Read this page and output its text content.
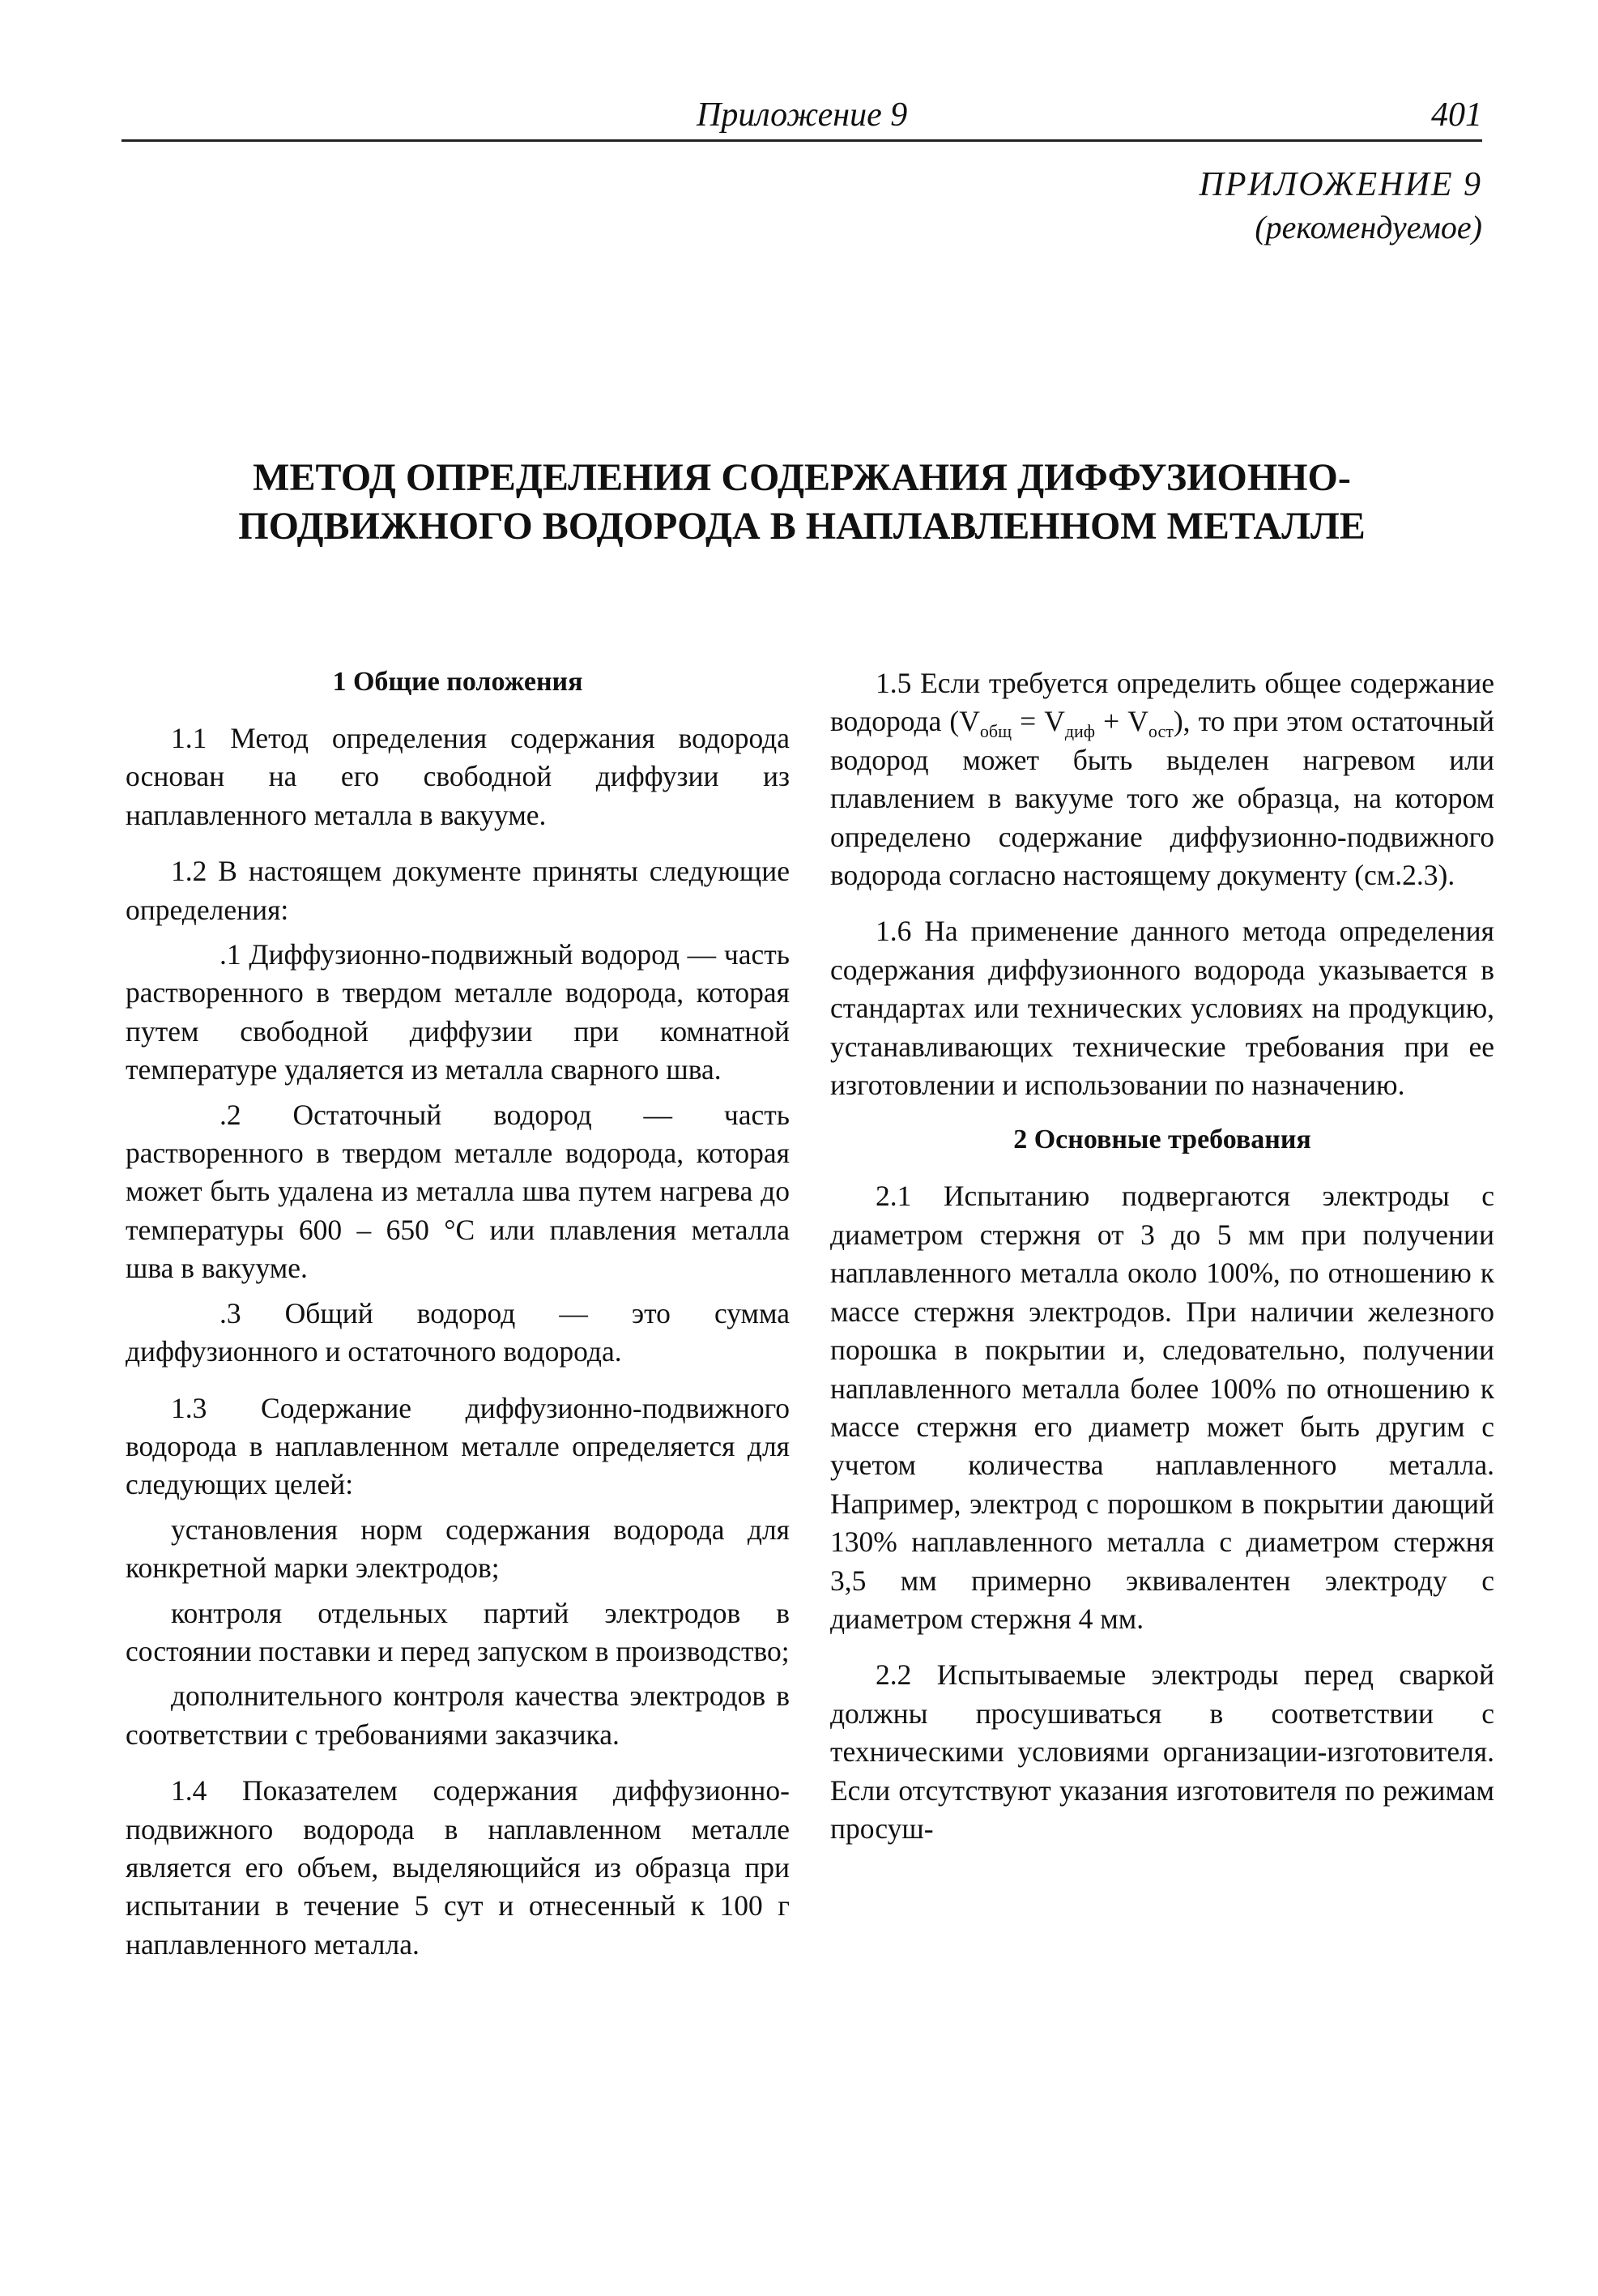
Приложение 9	401
ПРИЛОЖЕНИЕ 9
(рекомендуемое)
МЕТОД ОПРЕДЕЛЕНИЯ СОДЕРЖАНИЯ ДИФФУЗИОННО-
ПОДВИЖНОГО ВОДОРОДА В НАПЛАВЛЕННОМ МЕТАЛЛЕ
1 Общие положения

1.1 Метод определения содержания водорода основан на его свободной диффузии из наплавленного металла в вакууме.

1.2 В настоящем документе приняты следующие определения:

.1 Диффузионно-подвижный водород — часть растворенного в твердом металле водорода, которая путем свободной диффузии при комнатной температуре удаляется из металла сварного шва.

.2 Остаточный водород — часть растворенного в твердом металле водорода, которая может быть удалена из металла шва путем нагрева до температуры 600 – 650 °С или плавления металла шва в вакууме.

.3 Общий водород — это сумма диффузионного и остаточного водорода.

1.3 Содержание диффузионно-подвижного водорода в наплавленном металле определяется для следующих целей:

установления норм содержания водорода для конкретной марки электродов;

контроля отдельных партий электродов в состоянии поставки и перед запуском в производство;

дополнительного контроля качества электродов в соответствии с требованиями заказчика.

1.4 Показателем содержания диффузионно-подвижного водорода в наплавленном металле является его объем, выделяющийся из образца при испытании в течение 5 сут и отнесенный к 100 г наплавленного металла.

1.5 Если требуется определить общее содержание водорода $(V_{общ} = V_{диф} + V_{ост})$, то при этом остаточный водород может быть выделен нагревом или плавлением в вакууме того же образца, на котором определено содержание диффузионно-подвижного водорода согласно настоящему документу (см.2.3).

1.6 На применение данного метода определения содержания диффузионного водорода указывается в стандартах или технических условиях на продукцию, устанавливающих технические требования при ее изготовлении и использовании по назначению.

2 Основные требования

2.1 Испытанию подвергаются электроды с диаметром стержня от 3 до 5 мм при получении наплавленного металла около 100%, по отношению к массе стержня электродов. При наличии железного порошка в покрытии и, следовательно, получении наплавленного металла более 100% по отношению к массе стержня его диаметр может быть другим с учетом количества наплавленного металла. Например, электрод с порошком в покрытии дающий 130% наплавленного металла с диаметром стержня 3,5 мм примерно эквивалентен электроду с диаметром стержня 4 мм.

2.2 Испытываемые электроды перед сваркой должны просушиваться в соответствии с техническими условиями организации-изготовителя. Если отсутствуют указания изготовителя по режимам просуш-
